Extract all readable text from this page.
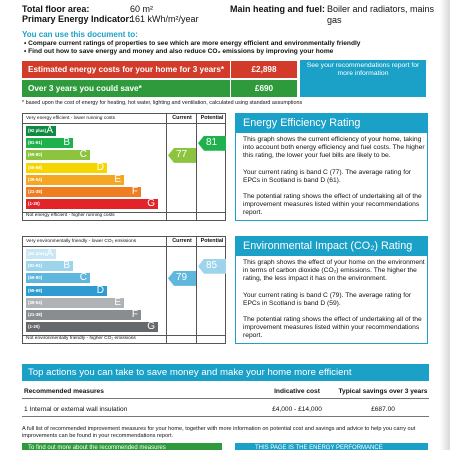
Total floor area:	60 m²
Primary Energy Indicator:
161 kWh/m²/year
Main heating and fuel: Boiler and radiators, mains gas
You can use this document to:
• Compare current ratings of properties to see which are more energy efficient and environmentally friendly
• Find out how to save energy and money and also reduce CO₂ emissions by improving your home
Estimated energy costs for your home for 3 years*	£2,898
Over 3 years you could save*	£690
See your recommendations report for more information
* based upon the cost of energy for heating, hot water, lighting and ventilation, calculated using standard assumptions
Current	Potential
Very energy efficient - lower running costs
Not energy efficient - higher running costs
(92 plus) A
(81-91) B
(69-80)	C
(55-68)	D
(39-54)	E
(21-38)	F
(1-20)	G
77
81
Current	Potential
Very environmentally friendly - lower CO₂ emissions
Not environmentally friendly - higher CO₂ emissions
(92 plus) A
(81-91) B
(69-80)	C
(55-68)	D
(39-54)	E
(21-38)	F
(1-20)	G
79
85
Energy Efficiency Rating

This graph shows the current efficiency of your home, taking into account both energy efficiency and fuel costs. The higher this rating, the lower your fuel bills are likely to be.

Your current rating is band C (77). The average rating for EPCs in Scotland is band D (61).

The potential rating shows the effect of undertaking all of the improvement measures listed within your recommendations report.

Environmental Impact (CO₂) Rating

This graph shows the effect of your home on the environment in terms of carbon dioxide (CO₂) emissions. The higher the rating, the less impact it has on the environment.

Your current rating is band C (79). The average rating for EPCs in Scotland is band D (59).

The potential rating shows the effect of undertaking all of the improvement measures listed within your recommendations report.

Top actions you can take to save money and make your home more efficient
Recommended measures	Indicative cost	Typical savings over 3 years
1 Internal or external wall insulation	£4,000 - £14,000	£687.00
A full list of recommended improvement measures for your home, together with more information on potential cost and savings and advice to help you carry out improvements can be found in your recommendations report.
To find out more about the recommended measures	THIS PAGE IS THE ENERGY PERFORMANCE
